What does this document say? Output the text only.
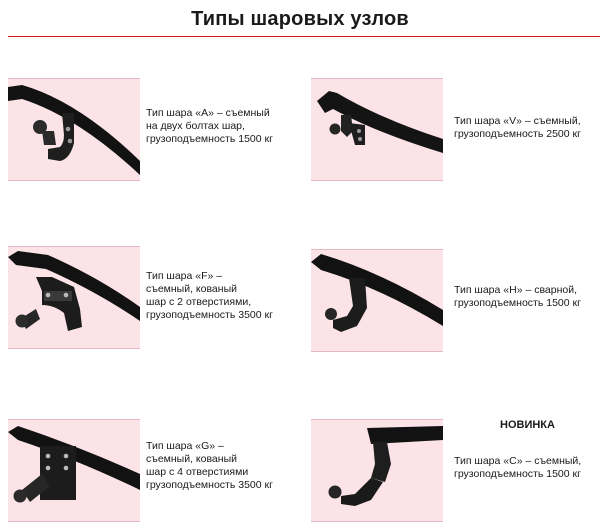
Типы шаровых узлов
Тип шара «А» – съемный
на двух болтах шар,
грузоподъемность 1500 кг
Тип шара «V» – съемный,
грузоподъемность 2500 кг
Тип шара «F» –
съемный, кованый
шар с 2 отверстиями,
грузоподъемность 3500 кг
Тип шара «Н» – сварной,
грузоподъемность 1500 кг
Тип шара «G» –
съемный, кованый
шар с 4 отверстиями
грузоподъемность 3500 кг
НОВИНКА
Тип шара «С» – съемный,
грузоподъемность 1500 кг
